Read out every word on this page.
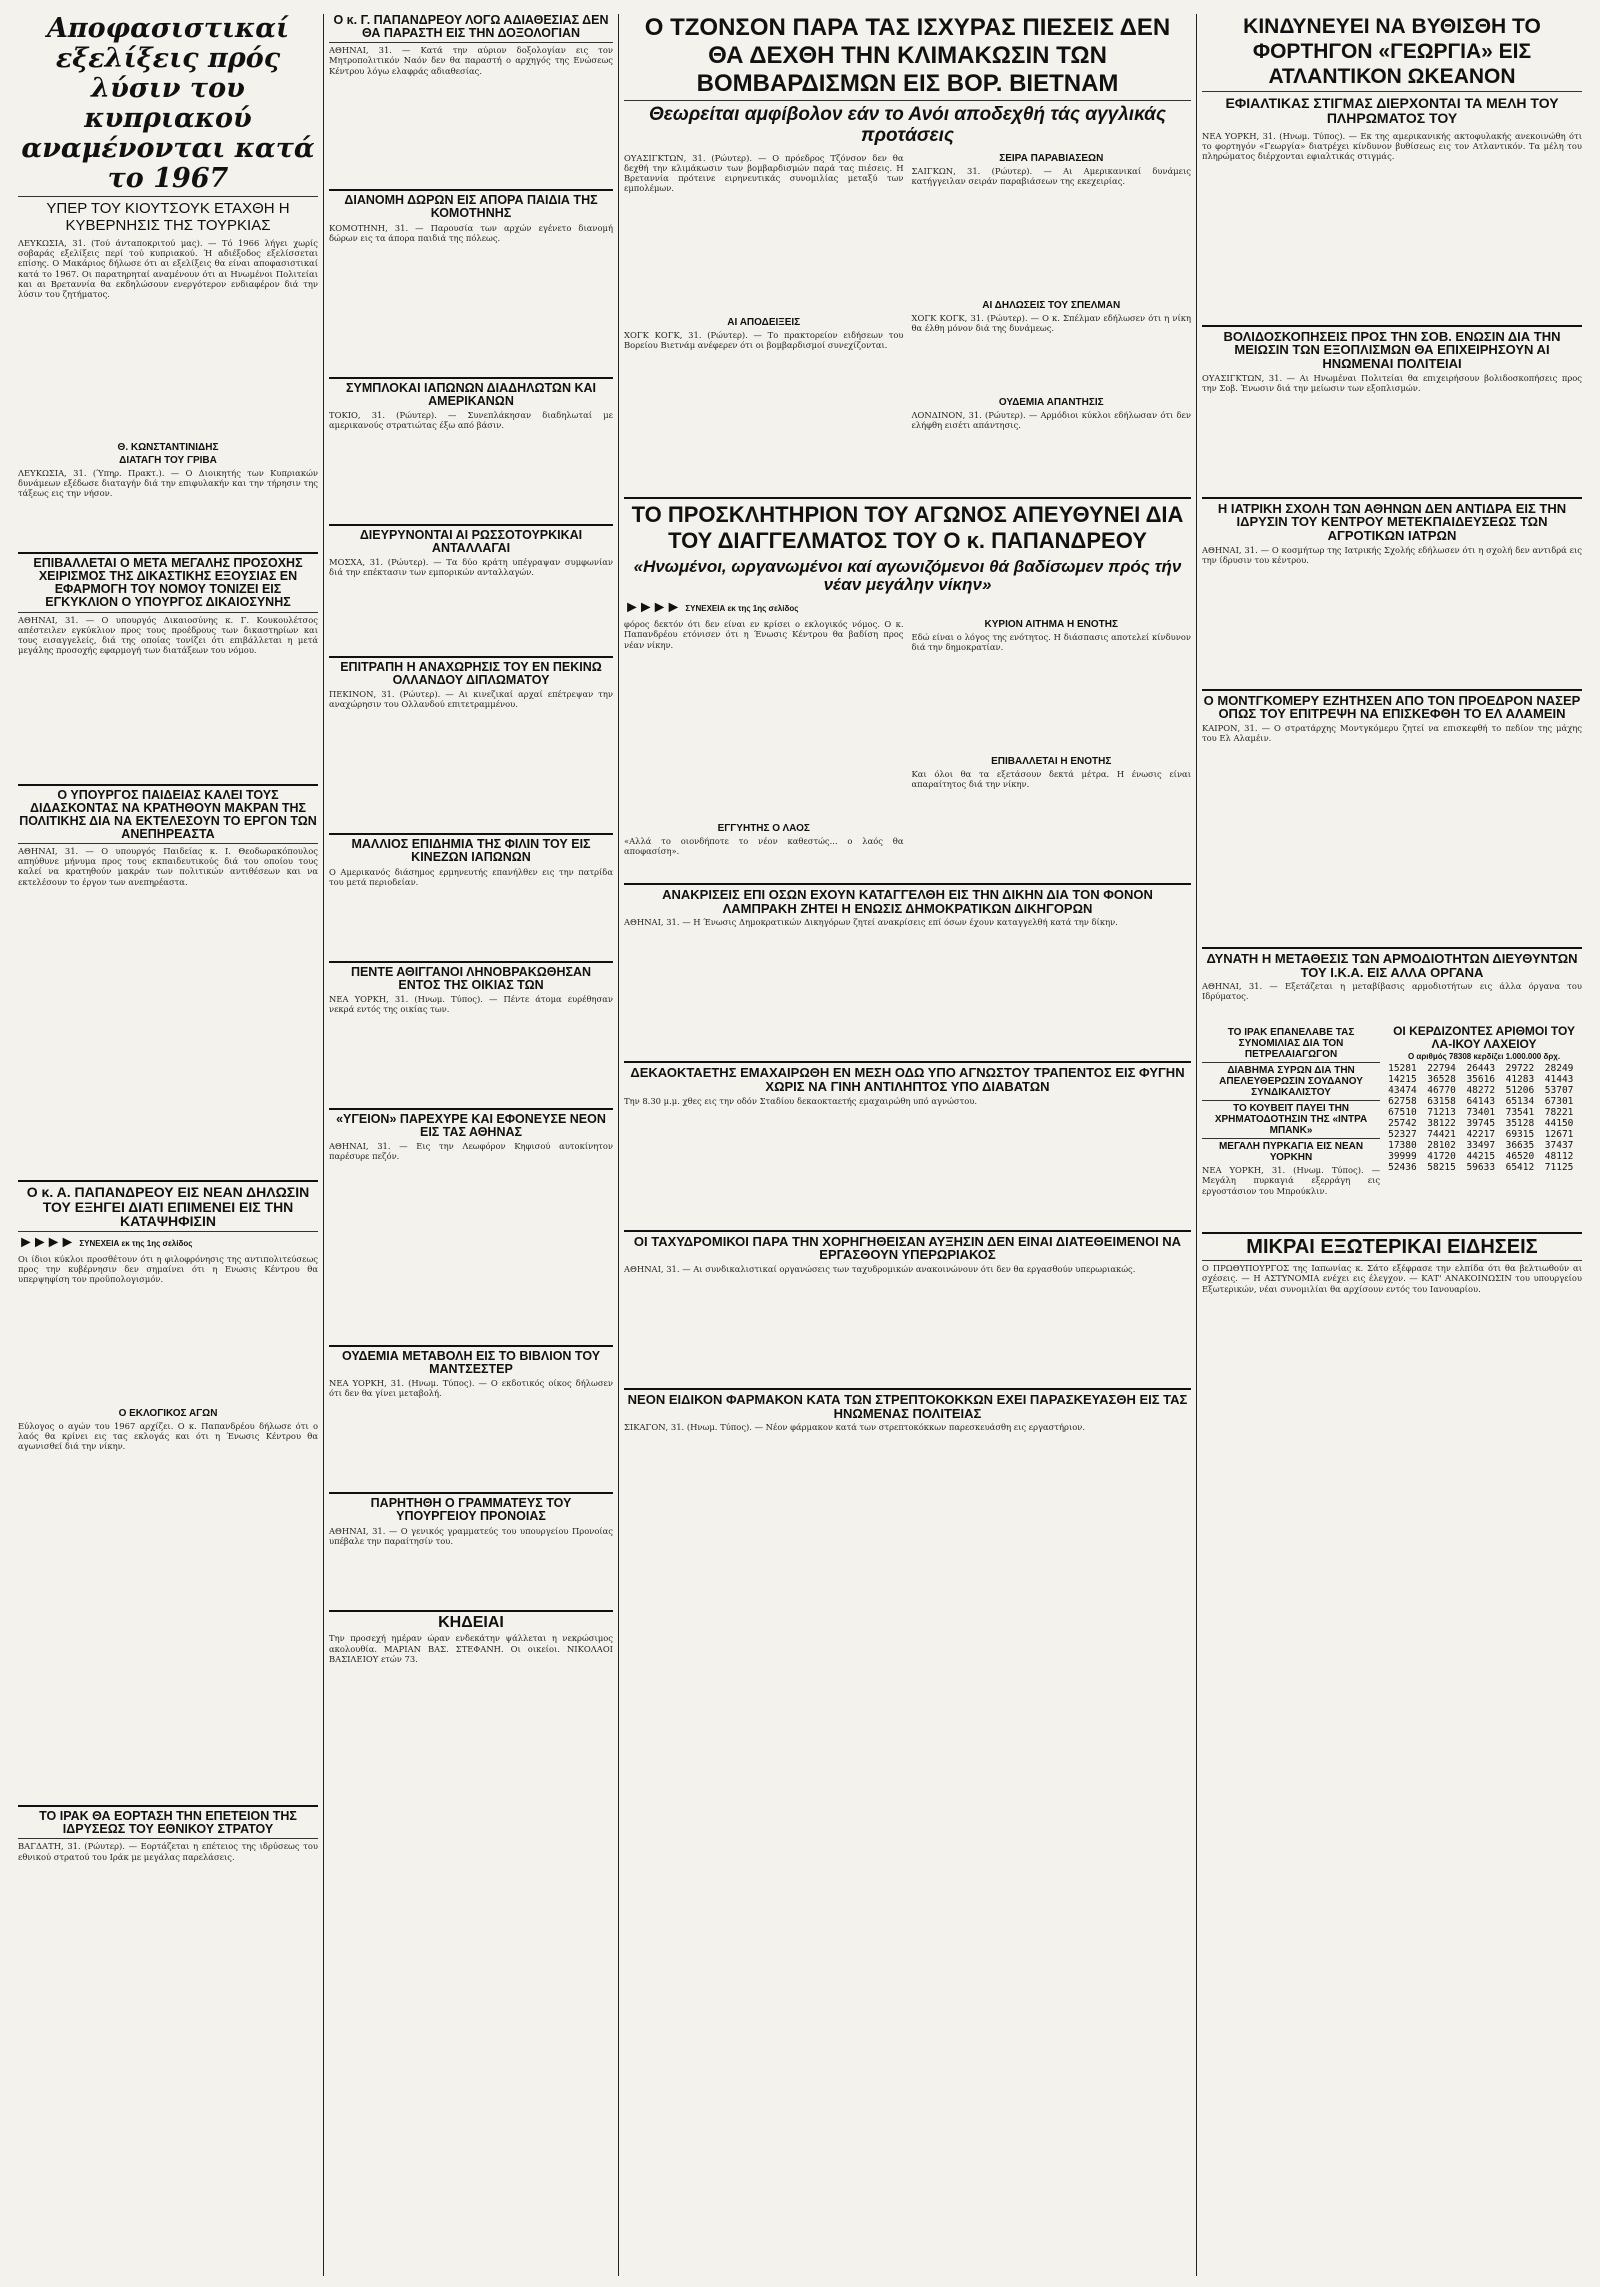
Αποφασιστικαί εξελίξεις πρός λύσιν του κυπριακού αναμένονται κατά το 1967
ΥΠΕΡ ΤΟΥ ΚΙΟΥΤΣΟΥΚ ΕΤΑΧΘΗ Η ΚΥΒΕΡΝΗΣΙΣ ΤΗΣ ΤΟΥΡΚΙΑΣ

ΛΕΥΚΩΣΙΑ, 31. (Τού άνταποκριτού μας). — Τό 1966 λήγει χωρίς σοβαράς εξελίξεις περί τού κυπριακού. Ή αδιέξοδος εξελίσσεται επίσης. Ο Μακάριος δήλωσε ότι αι εξελίξεις θα είναι αποφασιστικαί κατά το 1967. Οι παρατηρηταί αναμένουν ότι αι Ηνωμένοι Πολιτείαι και αι Βρεταννία θα εκδηλώσουν ενεργότερον ενδιαφέρον διά την λύσιν του ζητήματος.

Θ. ΚΩΝΣΤΑΝΤΙΝΙΔΗΣ
ΔΙΑΤΑΓΗ ΤΟΥ ΓΡΙΒΑ

ΛΕΥΚΩΣΙΑ, 31. (Ύπηρ. Πρακτ.). — Ο Διοικητής των Κυπριακών δυνάμεων εξέδωσε διαταγήν διά την επιφυλακήν και την τήρησιν της τάξεως εις την νήσον.

ΕΠΙΒΑΛΛΕΤΑΙ Ο ΜΕΤΑ ΜΕΓΑΛΗΣ ΠΡΟΣΟΧΗΣ ΧΕΙΡΙΣΜΟΣ ΤΗΣ ΔΙΚΑΣΤΙΚΗΣ ΕΞΟΥΣΙΑΣ ΕΝ ΕΦΑΡΜΟΓΗ ΤΟΥ ΝΟΜΟΥ ΤΟΝΙΖΕΙ ΕΙΣ ΕΓΚΥΚΛΙΟΝ Ο ΥΠΟΥΡΓΟΣ ΔΙΚΑΙΟΣΥΝΗΣ

ΑΘΗΝΑΙ, 31. — Ο υπουργός Δικαιοσύνης κ. Γ. Κουκουλέτσος απέστειλεν εγκύκλιον προς τους προέδρους των δικαστηρίων και τους εισαγγελείς, διά της οποίας τονίζει ότι επιβάλλεται η μετά μεγάλης προσοχής εφαρμογή των διατάξεων του νόμου.

Ο ΥΠΟΥΡΓΟΣ ΠΑΙΔΕΙΑΣ ΚΑΛΕΙ ΤΟΥΣ ΔΙΔΑΣΚΟΝΤΑΣ ΝΑ ΚΡΑΤΗΘΟΥΝ ΜΑΚΡΑΝ ΤΗΣ ΠΟΛΙΤΙΚΗΣ ΔΙΑ ΝΑ ΕΚΤΕΛΕΣΟΥΝ ΤΟ ΕΡΓΟΝ ΤΩΝ ΑΝΕΠΗΡΕΑΣΤΑ

ΑΘΗΝΑΙ, 31. — Ο υπουργός Παιδείας κ. Ι. Θεοδωρακόπουλος απηύθυνε μήνυμα προς τους εκπαιδευτικούς διά του οποίου τους καλεί να κρατηθούν μακράν των πολιτικών αντιθέσεων και να εκτελέσουν το έργον των ανεπηρέαστα.

Ο κ. Α. ΠΑΠΑΝΔΡΕΟΥ ΕΙΣ ΝΕΑΝ ΔΗΛΩΣΙΝ ΤΟΥ ΕΞΗΓΕΙ ΔΙΑΤΙ ΕΠΙΜΕΝΕΙ ΕΙΣ ΤΗΝ ΚΑΤΑΨΗΦΙΣΙΝ
►►►► ΣΥΝΕΧΕΙΑ εκ της 1ης σελίδος

Οι ίδιοι κύκλοι προσθέτουν ότι η φιλοφρόνησις της αντιπολιτεύσεως προς την κυβέρνησιν δεν σημαίνει ότι η Ενωσις Κέντρου θα υπερψηφίση τον προϋπολογισμόν.

Ο ΕΚΛΟΓΙΚΟΣ ΑΓΩΝ

Εύλογος ο αγών του 1967 αρχίζει. Ο κ. Παπανδρέου δήλωσε ότι ο λαός θα κρίνει εις τας εκλογάς και ότι η Ένωσις Κέντρου θα αγωνισθεί διά την νίκην.

ΤΟ ΙΡΑΚ ΘΑ ΕΟΡΤΑΣΗ ΤΗΝ ΕΠΕΤΕΙΟΝ ΤΗΣ ΙΔΡΥΣΕΩΣ ΤΟΥ ΕΘΝΙΚΟΥ ΣΤΡΑΤΟΥ

ΒΑΓΔΑΤΗ, 31. (Ρώυτερ). — Εορτάζεται η επέτειος της ιδρύσεως του εθνικού στρατού του Ιράκ με μεγάλας παρελάσεις.

Ο κ. Γ. ΠΑΠΑΝΔΡΕΟΥ ΛΟΓΩ ΑΔΙΑΘΕΣΙΑΣ ΔΕΝ ΘΑ ΠΑΡΑΣΤΗ ΕΙΣ ΤΗΝ ΔΟΞΟΛΟΓΙΑΝ

ΑΘΗΝΑΙ, 31. — Κατά την αύριον δοξολογίαν εις τον Μητροπολιτικόν Ναόν δεν θα παραστή ο αρχηγός της Ενώσεως Κέντρου λόγω ελαφράς αδιαθεσίας.

ΔΙΑΝΟΜΗ ΔΩΡΩΝ ΕΙΣ ΑΠΟΡΑ ΠΑΙΔΙΑ ΤΗΣ ΚΟΜΟΤΗΝΗΣ

ΚΟΜΟΤΗΝΗ, 31. — Παρουσία των αρχών εγένετο διανομή δώρων εις τα άπορα παιδιά της πόλεως.

ΣΥΜΠΛΟΚΑΙ ΙΑΠΩΝΩΝ ΔΙΑΔΗΛΩΤΩΝ ΚΑΙ ΑΜΕΡΙΚΑΝΩΝ

ΤΟΚΙΟ, 31. (Ρώυτερ). — Συνεπλάκησαν διαδηλωταί με αμερικανούς στρατιώτας έξω από βάσιν.

ΔΙΕΥΡΥΝΟΝΤΑΙ ΑΙ ΡΩΣΣΟΤΟΥΡΚΙΚΑΙ ΑΝΤΑΛΛΑΓΑΙ

ΜΟΣΧΑ, 31. (Ρώυτερ). — Τα δύο κράτη υπέγραψαν συμφωνίαν διά την επέκτασιν των εμπορικών ανταλλαγών.

ΕΠΙΤΡΑΠΗ Η ΑΝΑΧΩΡΗΣΙΣ ΤΟΥ ΕΝ ΠΕΚΙΝΩ ΟΛΛΑΝΔΟΥ ΔΙΠΛΩΜΑΤΟΥ

ΠΕΚΙΝΟΝ, 31. (Ρώυτερ). — Αι κινεζικαί αρχαί επέτρεψαν την αναχώρησιν του Ολλανδού επιτετραμμένου.

ΜΑΛΛΙΟΣ ΕΠΙΔΗΜΙΑ ΤΗΣ ΦΙΛΙΝ ΤΟΥ ΕΙΣ ΚΙΝΕΖΩΝ ΙΑΠΩΝΩΝ

Ο Αμερικανός διάσημος ερμηνευτής επανήλθεν εις την πατρίδα του μετά περιοδείαν.

ΠΕΝΤΕ ΑΘΙΓΓΑΝΟΙ ΛΗΝΟΒΡΑΚΩΘΗΣΑΝ ΕΝΤΟΣ ΤΗΣ ΟΙΚΙΑΣ ΤΩΝ

ΝΕΑ ΥΟΡΚΗ, 31. (Ηνωμ. Τύπος). — Πέντε άτομα ευρέθησαν νεκρά εντός της οικίας των.

«ΥΓΕΙΟΝ» ΠΑΡΕΧΥΡΕ ΚΑΙ ΕΦΟΝΕΥΣΕ ΝΕΟΝ ΕΙΣ ΤΑΣ ΑΘΗΝΑΣ

ΑΘΗΝΑΙ, 31. — Εις την Λεωφόρον Κηφισού αυτοκίνητον παρέσυρε πεζόν.

ΟΥΔΕΜΙΑ ΜΕΤΑΒΟΛΗ ΕΙΣ ΤΟ ΒΙΒΛΙΟΝ ΤΟΥ ΜΑΝΤΣΕΣΤΕΡ

ΝΕΑ ΥΟΡΚΗ, 31. (Ηνωμ. Τύπος). — Ο εκδοτικός οίκος δήλωσεν ότι δεν θα γίνει μεταβολή.

ΠΑΡΗΤΗΘΗ Ο ΓΡΑΜΜΑΤΕΥΣ ΤΟΥ ΥΠΟΥΡΓΕΙΟΥ ΠΡΟΝΟΙΑΣ

ΑΘΗΝΑΙ, 31. — Ο γενικός γραμματεύς του υπουργείου Προνοίας υπέβαλε την παραίτησίν του.

ΚΗΔΕΙΑΙ

Την προσεχή ημέραν ώραν ενδεκάτην ψάλλεται η νεκρώσιμος ακολουθία. ΜΑΡΙΑΝ ΒΑΣ. ΣΤΕΦΑΝΗ. Οι οικείοι. ΝΙΚΟΛΑΟΙ ΒΑΣΙΛΕΙΟΥ ετών 73.

Ο ΤΖΟΝΣΟΝ ΠΑΡΑ ΤΑΣ ΙΣΧΥΡΑΣ ΠΙΕΣΕΙΣ ΔΕΝ ΘΑ ΔΕΧΘΗ ΤΗΝ ΚΛΙΜΑΚΩΣΙΝ ΤΩΝ ΒΟΜΒΑΡΔΙΣΜΩΝ ΕΙΣ ΒΟΡ. ΒΙΕΤΝΑΜ
Θεωρείται αμφίβολον εάν το Ανόι αποδεχθή τάς αγγλικάς προτάσεις

ΟΥΑΣΙΓΚΤΩΝ, 31. (Ρώυτερ). — Ο πρόεδρος Τζόνσον δεν θα δεχθή την κλιμάκωσιν των βομβαρδισμών παρά τας πιέσεις. Η Βρεταννία πρότεινε ειρηνευτικάς συνομιλίας μεταξύ των εμπολέμων.

ΑΙ ΑΠΟΔΕΙΞΕΙΣ

ΧΟΓΚ ΚΟΓΚ, 31. (Ρώυτερ). — Το πρακτορείον ειδήσεων του Βορείου Βιετνάμ ανέφερεν ότι οι βομβαρδισμοί συνεχίζονται.

ΣΕΙΡΑ ΠΑΡΑΒΙΑΣΕΩΝ

ΣΑΙΓΚΩΝ, 31. (Ρώυτερ). — Αι Αμερικανικαί δυνάμεις κατήγγειλαν σειράν παραβιάσεων της εκεχειρίας.

ΑΙ ΔΗΛΩΣΕΙΣ ΤΟΥ ΣΠΕΛΜΑΝ

ΧΟΓΚ ΚΟΓΚ, 31. (Ρώυτερ). — Ο κ. Σπέλμαν εδήλωσεν ότι η νίκη θα έλθη μόνον διά της δυνάμεως.

ΟΥΔΕΜΙΑ ΑΠΑΝΤΗΣΙΣ

ΛΟΝΔΙΝΟΝ, 31. (Ρώυτερ). — Αρμόδιοι κύκλοι εδήλωσαν ότι δεν ελήφθη εισέτι απάντησις.

ΤΟ ΠΡΟΣΚΛΗΤΗΡΙΟΝ ΤΟΥ ΑΓΩΝΟΣ ΑΠΕΥΘΥΝΕΙ ΔΙΑ ΤΟΥ ΔΙΑΓΓΕΛΜΑΤΟΣ ΤΟΥ Ο κ. ΠΑΠΑΝΔΡΕΟΥ
«Ηνωμένοι, ωργανωμένοι καί αγωνιζόμενοι θά βαδίσωμεν πρός τήν νέαν μεγάλην νίκην»
►►►► ΣΥΝΕΧΕΙΑ εκ της 1ης σελίδος

φόρος δεκτόν ότι δεν είναι εν κρίσει ο εκλογικός νόμος. Ο κ. Παπανδρέου ετόνισεν ότι η Ένωσις Κέντρου θα βαδίση προς νέαν νίκην.

ΕΓΓΥΗΤΗΣ Ο ΛΑΟΣ

«Αλλά το οιονδήποτε το νέον καθεστώς... ο λαός θα αποφασίση».

ΚΥΡΙΟΝ ΑΙΤΗΜΑ Η ΕΝΟΤΗΣ

Εδώ είναι ο λόγος της ενότητος. Η διάσπασις αποτελεί κίνδυνον διά την δημοκρατίαν.

ΕΠΙΒΑΛΛΕΤΑΙ Η ΕΝΟΤΗΣ

Και όλοι θα τα εξετάσουν δεκτά μέτρα. Η ένωσις είναι απαραίτητος διά την νίκην.

ΑΝΑΚΡΙΣΕΙΣ ΕΠΙ ΟΣΩΝ ΕΧΟΥΝ ΚΑΤΑΓΓΕΛΘΗ ΕΙΣ ΤΗΝ ΔΙΚΗΝ ΔΙΑ ΤΟΝ ΦΟΝΟΝ ΛΑΜΠΡΑΚΗ ΖΗΤΕΙ Η ΕΝΩΣΙΣ ΔΗΜΟΚΡΑΤΙΚΩΝ ΔΙΚΗΓΟΡΩΝ

ΑΘΗΝΑΙ, 31. — Η Ένωσις Δημοκρατικών Δικηγόρων ζητεί ανακρίσεις επί όσων έχουν καταγγελθή κατά την δίκην.

ΔΕΚΑΟΚΤΑΕΤΗΣ ΕΜΑΧΑΙΡΩΘΗ ΕΝ ΜΕΣΗ ΟΔΩ ΥΠΟ ΑΓΝΩΣΤΟΥ ΤΡΑΠΕΝΤΟΣ ΕΙΣ ΦΥΓΗΝ ΧΩΡΙΣ ΝΑ ΓΙΝΗ ΑΝΤΙΛΗΠΤΟΣ ΥΠΟ ΔΙΑΒΑΤΩΝ

Την 8.30 μ.μ. χθες εις την οδόν Σταδίου δεκαοκταετής εμαχαιρώθη υπό αγνώστου.

ΟΙ ΤΑΧΥΔΡΟΜΙΚΟΙ ΠΑΡΑ ΤΗΝ ΧΟΡΗΓΗΘΕΙΣΑΝ ΑΥΞΗΣΙΝ ΔΕΝ ΕΙΝΑΙ ΔΙΑΤΕΘΕΙΜΕΝΟΙ ΝΑ ΕΡΓΑΣΘΟΥΝ ΥΠΕΡΩΡΙΑΚΟΣ

ΑΘΗΝΑΙ, 31. — Αι συνδικαλιστικαί οργανώσεις των ταχυδρομικών ανακοινώνουν ότι δεν θα εργασθούν υπερωριακώς.

ΝΕΟΝ ΕΙΔΙΚΟΝ ΦΑΡΜΑΚΟΝ ΚΑΤΑ ΤΩΝ ΣΤΡΕΠΤΟΚΟΚΚΩΝ ΕΧΕΙ ΠΑΡΑΣΚΕΥΑΣΘΗ ΕΙΣ ΤΑΣ ΗΝΩΜΕΝΑΣ ΠΟΛΙΤΕΙΑΣ

ΣΙΚΑΓΟΝ, 31. (Ηνωμ. Τύπος). — Νέον φάρμακον κατά των στρεπτοκόκκων παρεσκευάσθη εις εργαστήριον.

ΚΙΝΔΥΝΕΥΕΙ ΝΑ ΒΥΘΙΣΘΗ ΤΟ ΦΟΡΤΗΓΟΝ «ΓΕΩΡΓΙΑ» ΕΙΣ ΑΤΛΑΝΤΙΚΟΝ ΩΚΕΑΝΟΝ
ΕΦΙΑΛΤΙΚΑΣ ΣΤΙΓΜΑΣ ΔΙΕΡΧΟΝΤΑΙ ΤΑ ΜΕΛΗ ΤΟΥ ΠΛΗΡΩΜΑΤΟΣ ΤΟΥ

ΝΕΑ ΥΟΡΚΗ, 31. (Ηνωμ. Τύπος). — Εκ της αμερικανικής ακτοφυλακής ανεκοινώθη ότι το φορτηγόν «Γεωργία» διατρέχει κίνδυνον βυθίσεως εις τον Ατλαντικόν. Τα μέλη του πληρώματος διέρχονται εφιαλτικάς στιγμάς.

ΒΟΛΙΔΟΣΚΟΠΗΣΕΙΣ ΠΡΟΣ ΤΗΝ ΣΟΒ. ΕΝΩΣΙΝ ΔΙΑ ΤΗΝ ΜΕΙΩΣΙΝ ΤΩΝ ΕΞΟΠΛΙΣΜΩΝ ΘΑ ΕΠΙΧΕΙΡΗΣΟΥΝ ΑΙ ΗΝΩΜΕΝΑΙ ΠΟΛΙΤΕΙΑΙ

ΟΥΑΣΙΓΚΤΩΝ, 31. — Αι Ηνωμέναι Πολιτείαι θα επιχειρήσουν βολιδοσκοπήσεις προς την Σοβ. Ένωσιν διά την μείωσιν των εξοπλισμών.

Η ΙΑΤΡΙΚΗ ΣΧΟΛΗ ΤΩΝ ΑΘΗΝΩΝ ΔΕΝ ΑΝΤΙΔΡΑ ΕΙΣ ΤΗΝ ΙΔΡΥΣΙΝ ΤΟΥ ΚΕΝΤΡΟΥ ΜΕΤΕΚΠΑΙΔΕΥΣΕΩΣ ΤΩΝ ΑΓΡΟΤΙΚΩΝ ΙΑΤΡΩΝ

ΑΘΗΝΑΙ, 31. — Ο κοσμήτωρ της Ιατρικής Σχολής εδήλωσεν ότι η σχολή δεν αντιδρά εις την ίδρυσιν του κέντρου.

Ο ΜΟΝΤΓΚΟΜΕΡΥ ΕΖΗΤΗΣΕΝ ΑΠΟ ΤΟΝ ΠΡΟΕΔΡΟΝ ΝΑΣΕΡ ΟΠΩΣ ΤΟΥ ΕΠΙΤΡΕΨΗ ΝΑ ΕΠΙΣΚΕΦΘΗ ΤΟ ΕΛ ΑΛΑΜΕΙΝ

ΚΑΙΡΟΝ, 31. — Ο στρατάρχης Μοντγκόμερυ ζητεί να επισκεφθή το πεδίον της μάχης του Ελ Αλαμέιν.

ΔΥΝΑΤΗ Η ΜΕΤΑΘΕΣΙΣ ΤΩΝ ΑΡΜΟΔΙΟΤΗΤΩΝ ΔΙΕΥΘΥΝΤΩΝ ΤΟΥ Ι.Κ.Α. ΕΙΣ ΑΛΛΑ ΟΡΓΑΝΑ

ΑΘΗΝΑΙ, 31. — Εξετάζεται η μεταβίβασις αρμοδιοτήτων εις άλλα όργανα του Ιδρύματος.

ΤΟ ΙΡΑΚ ΕΠΑΝΕΛΑΒΕ ΤΑΣ ΣΥΝΟΜΙΛΙΑΣ ΔΙΑ ΤΟΝ ΠΕΤΡΕΛΑΙΑΓΩΓΟΝ
ΔΙΑΒΗΜΑ ΣΥΡΩΝ ΔΙΑ ΤΗΝ ΑΠΕΛΕΥΘΕΡΩΣΙΝ ΣΟΥΔΑΝΟΥ ΣΥΝΔΙΚΑΛΙΣΤΟΥ
ΤΟ ΚΟΥΒΕΙΤ ΠΑΥΕΙ ΤΗΝ ΧΡΗΜΑΤΟΔΟΤΗΣΙΝ ΤΗΣ «ΙΝΤΡΑ ΜΠΑΝΚ»
ΜΕΓΑΛΗ ΠΥΡΚΑΓΙΑ ΕΙΣ ΝΕΑΝ ΥΟΡΚΗΝ

ΝΕΑ ΥΟΡΚΗ, 31. (Ηνωμ. Τύπος). — Μεγάλη πυρκαγιά εξερράγη εις εργοστάσιον του Μπρούκλιν.

ΟΙ ΚΕΡΔΙΖΟΝΤΕΣ ΑΡΙΘΜΟΙ ΤΟΥ ΛΑ-ΙΚΟΥ ΛΑΧΕΙΟΥ
Ο αριθμός 78308 κερδίζει 1.000.000 δρχ.
15281	22794	26443	29722	28249
14215	36528	35616	41283	41443
43474	46770	48272	51206	53707
62758	63158	64143	65134	67301
67510	71213	73401	73541	78221
25742	38122	39745	35128	44150
52327	74421	42217	69315	12671
17380	28102	33497	36635	37437
39999	41720	44215	46520	48112
52436	58215	59633	65412	71125
ΜΙΚΡΑΙ ΕΞΩΤΕΡΙΚΑΙ ΕΙΔΗΣΕΙΣ

Ο ΠΡΩΘΥΠΟΥΡΓΟΣ της Ιαπωνίας κ. Σάτο εξέφρασε την ελπίδα ότι θα βελτιωθούν αι σχέσεις. — Η ΑΣΤΥΝΟΜΙΑ ενέχει εις έλεγχον. — ΚΑΤ' ΑΝΑΚΟΙΝΩΣΙΝ του υπουργείου Εξωτερικών, νέαι συνομιλίαι θα αρχίσουν εντός του Ιανουαρίου.
